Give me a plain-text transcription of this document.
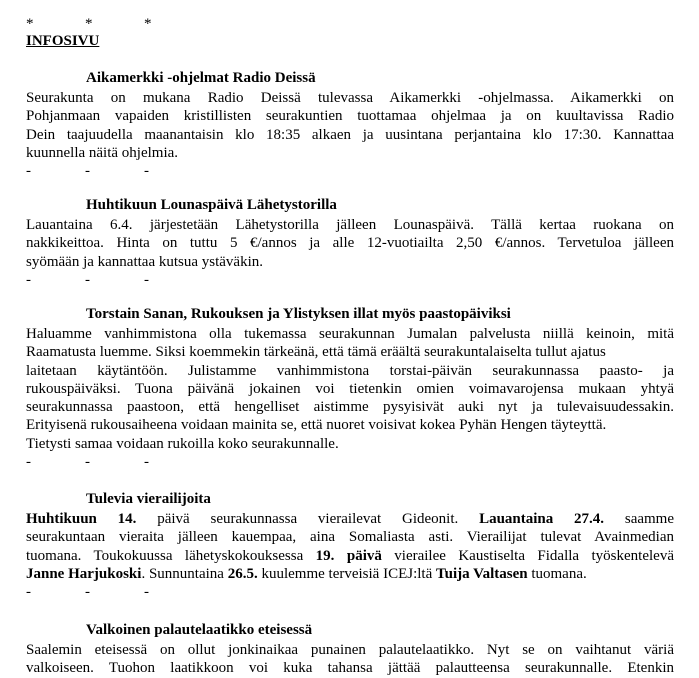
*	*	*
INFOSIVU
Aikamerkki -ohjelmat Radio Deissä
Seurakunta on mukana Radio Deissä tulevassa Aikamerkki -ohjelmassa. Aikamerkki on
Pohjanmaan vapaiden kristillisten seurakuntien tuottamaa ohjelmaa ja on kuultavissa Radio
Dein taajuudella maanantaisin klo 18:35 alkaen ja uusintana perjantaina klo 17:30. Kannattaa
kuunnella näitä ohjelmia.
-	-	-
Huhtikuun Lounaspäivä Lähetystorilla
Lauantaina 6.4. järjestetään Lähetystorilla jälleen Lounaspäivä. Tällä kertaa ruokana on
nakkikeittoa. Hinta on tuttu 5 €/annos ja alle 12-vuotiailta 2,50 €/annos. Tervetuloa jälleen
syömään ja kannattaa kutsua ystäväkin.
-	-	-
Torstain Sanan, Rukouksen ja Ylistyksen illat myös paastopäiviksi
Haluamme vanhimmistona olla tukemassa seurakunnan Jumalan palvelusta niillä keinoin, mitä
Raamatusta luemme. Siksi koemmekin tärkeänä, että tämä eräältä seurakuntalaiselta tullut ajatus
laitetaan käytäntöön. Julistamme vanhimmistona torstai-päivän seurakunnassa paasto- ja
rukouspäiväksi. Tuona päivänä jokainen voi tietenkin omien voimavarojensa mukaan yhtyä
seurakunnassa paastoon, että hengelliset aistimme pysyisivät auki nyt ja tulevaisuudessakin.
Erityisenä rukousaiheena voidaan mainita se, että nuoret voisivat kokea Pyhän Hengen täyteyttä.
Tietysti samaa voidaan rukoilla koko seurakunnalle.
-	-	-
Tulevia vierailijoita
Huhtikuun 14. päivä seurakunnassa vierailevat Gideonit. Lauantaina 27.4. saamme
seurakuntaan vieraita jälleen kauempaa, aina Somaliasta asti. Vierailijat tulevat Avainmedian
tuomana. Toukokuussa lähetyskokouksessa 19. päivä vierailee Kaustiselta Fidalla työskentelevä
Janne Harjukoski. Sunnuntaina 26.5. kuulemme terveisiä ICEJ:ltä Tuija Valtasen tuomana.
-	-	-
Valkoinen palautelaatikko eteisessä
Saalemin eteisessä on ollut jonkinaikaa punainen palautelaatikko. Nyt se on vaihtanut väriä
valkoiseen. Tuohon laatikkoon voi kuka tahansa jättää palautteensa seurakunnalle. Etenkin
